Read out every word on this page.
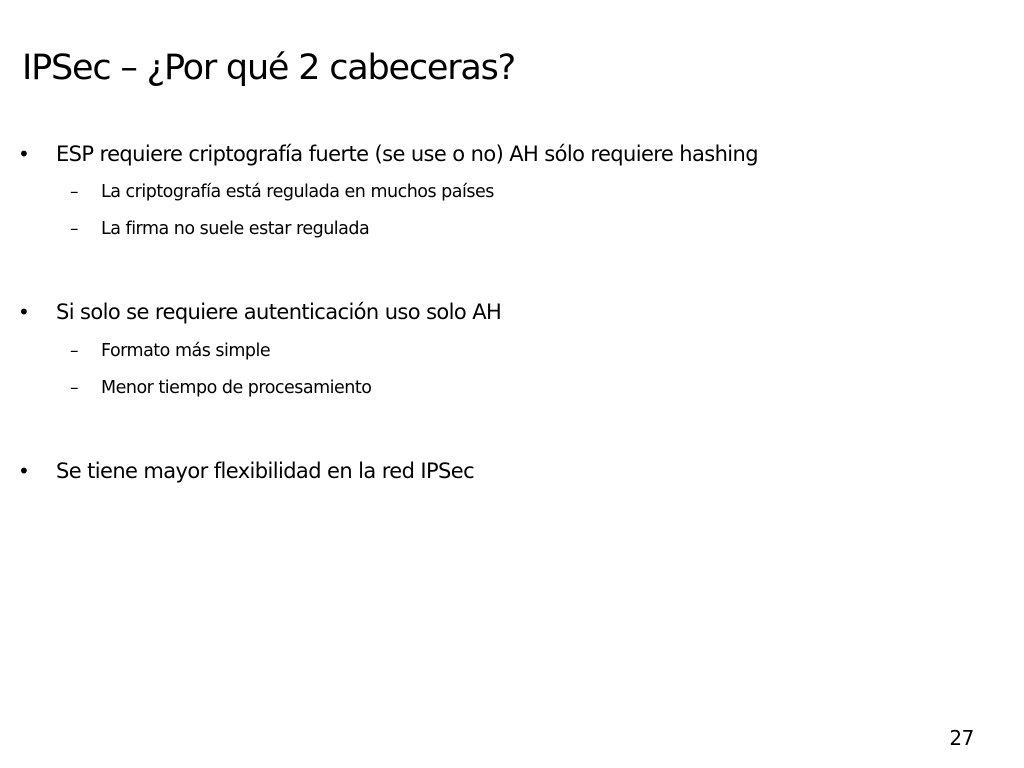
IPSec – ¿Por qué 2 cabeceras?
• ESP requiere criptografía fuerte (se use o no) AH sólo requiere hashing
– La criptografía está regulada en muchos países
– La firma no suele estar regulada
• Si solo se requiere autenticación uso solo AH
– Formato más simple
– Menor tiempo de procesamiento
• Se tiene mayor flexibilidad en la red IPSec
27
